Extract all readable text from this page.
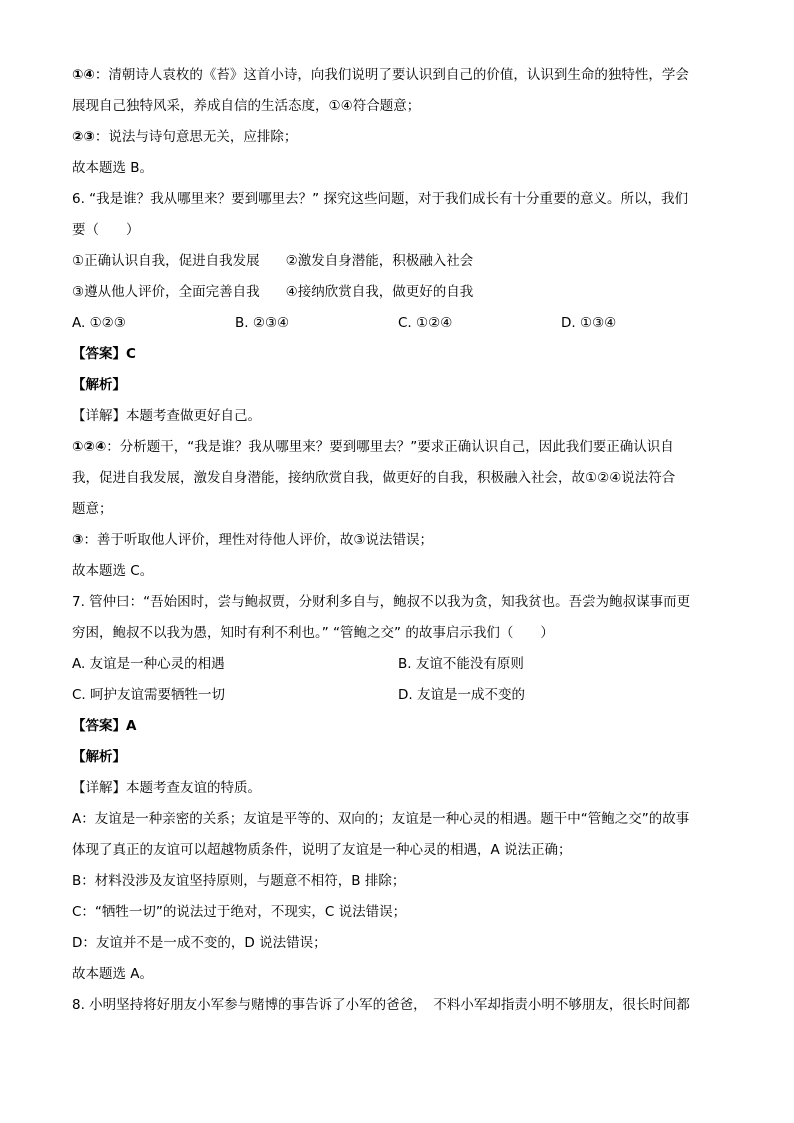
①④：清朝诗人袁枚的《苔》这首小诗，向我们说明了要认识到自己的价值，认识到生命的独特性，学会
展现自己独特风采，养成自信的生活态度，①④符合题意；
②③：说法与诗句意思无关，应排除；
故本题选 B。
6. “我是谁？我从哪里来？要到哪里去？” 探究这些问题，对于我们成长有十分重要的意义。所以，我们
要（　　）
①正确认识自我，促进自我发展 ②激发自身潜能，积极融入社会
③遵从他人评价，全面完善自我 ④接纳欣赏自我，做更好的自我
A. ①②③	B. ②③④	C. ①②④	D. ①③④
【答案】C
【解析】
【详解】本题考查做更好自己。
①②④：分析题干，“我是谁？我从哪里来？要到哪里去？”要求正确认识自己，因此我们要正确认识自
我，促进自我发展，激发自身潜能，接纳欣赏自我，做更好的自我，积极融入社会，故①②④说法符合
题意；
③：善于听取他人评价，理性对待他人评价，故③说法错误；
故本题选 C。
7. 管仲曰：“吾始困时，尝与鲍叔贾，分财利多自与，鲍叔不以我为贪，知我贫也。吾尝为鲍叔谋事而更
穷困，鲍叔不以我为愚，知时有利不利也。” “管鲍之交” 的故事启示我们（　　）
A. 友谊是一种心灵的相遇	B. 友谊不能没有原则
C. 呵护友谊需要牺牲一切	D. 友谊是一成不变的
【答案】A
【解析】
【详解】本题考查友谊的特质。
A：友谊是一种亲密的关系；友谊是平等的、双向的；友谊是一种心灵的相遇。题干中“管鲍之交”的故事
体现了真正的友谊可以超越物质条件，说明了友谊是一种心灵的相遇，A 说法正确；
B：材料没涉及友谊坚持原则，与题意不相符，B 排除；
C：“牺牲一切”的说法过于绝对，不现实，C 说法错误；
D：友谊并不是一成不变的，D 说法错误；
故本题选 A。
8. 小明坚持将好朋友小军参与赌博的事告诉了小军的爸爸，　不料小军却指责小明不够朋友，很长时间都
